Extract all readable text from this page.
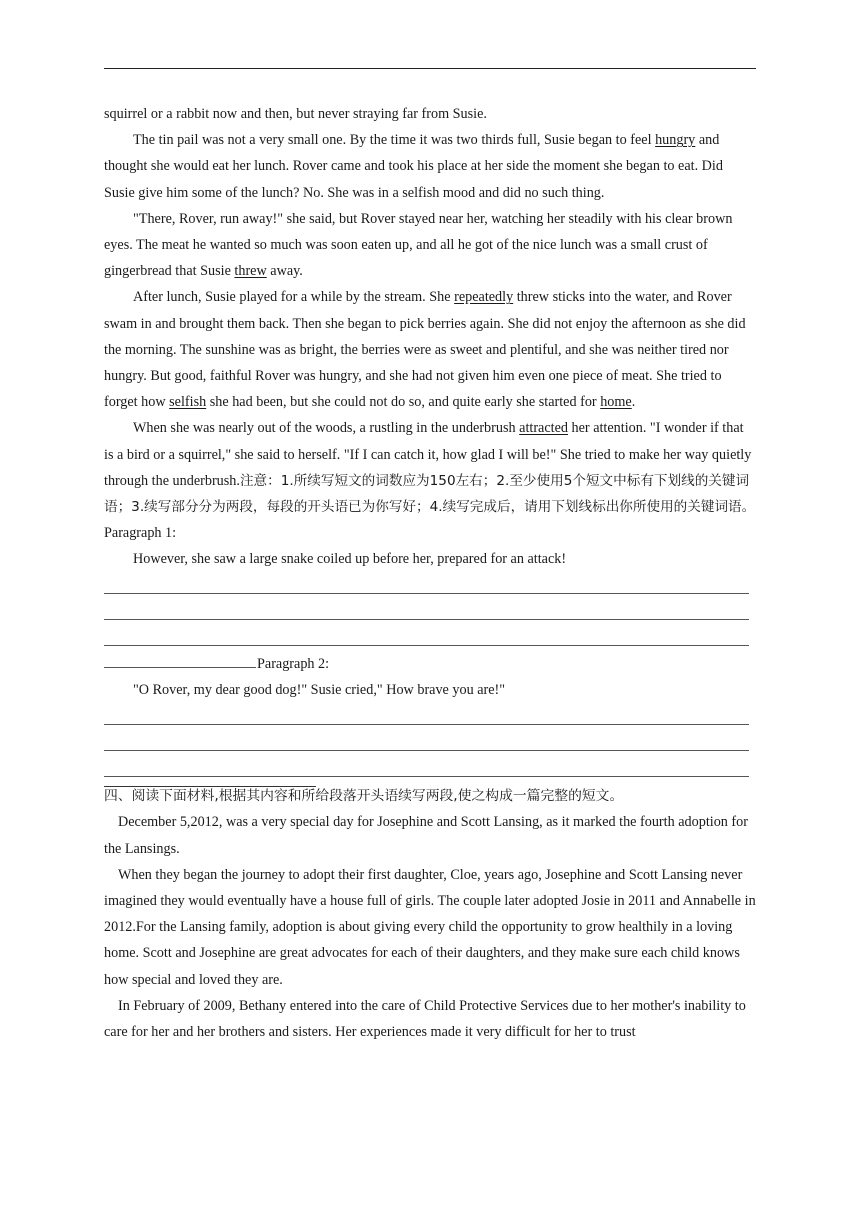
squirrel or a rabbit now and then, but never straying far from Susie.

The tin pail was not a very small one. By the time it was two thirds full, Susie began to feel hungry and thought she would eat her lunch. Rover came and took his place at her side the moment she began to eat. Did Susie give him some of the lunch? No. She was in a selfish mood and did no such thing.

"There, Rover, run away!" she said, but Rover stayed near her, watching her steadily with his clear brown eyes. The meat he wanted so much was soon eaten up, and all he got of the nice lunch was a small crust of gingerbread that Susie threw away.

After lunch, Susie played for a while by the stream. She repeatedly threw sticks into the water, and Rover swam in and brought them back. Then she began to pick berries again. She did not enjoy the afternoon as she did the morning. The sunshine was as bright, the berries were as sweet and plentiful, and she was neither tired nor hungry. But good, faithful Rover was hungry, and she had not given him even one piece of meat. She tried to forget how selfish she had been, but she could not do so, and quite early she started for home.

When she was nearly out of the woods, a rustling in the underbrush attracted her attention. "I wonder if that is a bird or a squirrel," she said to herself. "If I can catch it, how glad I will be!" She tried to make her way quietly through the underbrush.注意：1.所续写短文的词数应为150左右；2.至少使用5个短文中标有下划线的关键词语；3.续写部分分为两段，每段的开头语已为你写好；4.续写完成后，请用下划线标出你所使用的关键词语。 Paragraph 1:

However, she saw a large snake coiled up before her, prepared for an attack!

Paragraph 2:

"O Rover, my dear good dog!" Susie cried," How brave you are!"

四、阅读下面材料,根据其内容和所给段落开头语续写两段,使之构成一篇完整的短文。

December 5,2012, was a very special day for Josephine and Scott Lansing, as it marked the fourth adoption for the Lansings.

When they began the journey to adopt their first daughter, Cloe, years ago, Josephine and Scott Lansing never imagined they would eventually have a house full of girls. The couple later adopted Josie in 2011 and Annabelle in 2012.For the Lansing family, adoption is about giving every child the opportunity to grow healthily in a loving home. Scott and Josephine are great advocates for each of their daughters, and they make sure each child knows how special and loved they are.

In February of 2009, Bethany entered into the care of Child Protective Services due to her mother's inability to care for her and her brothers and sisters. Her experiences made it very difficult for her to trust
